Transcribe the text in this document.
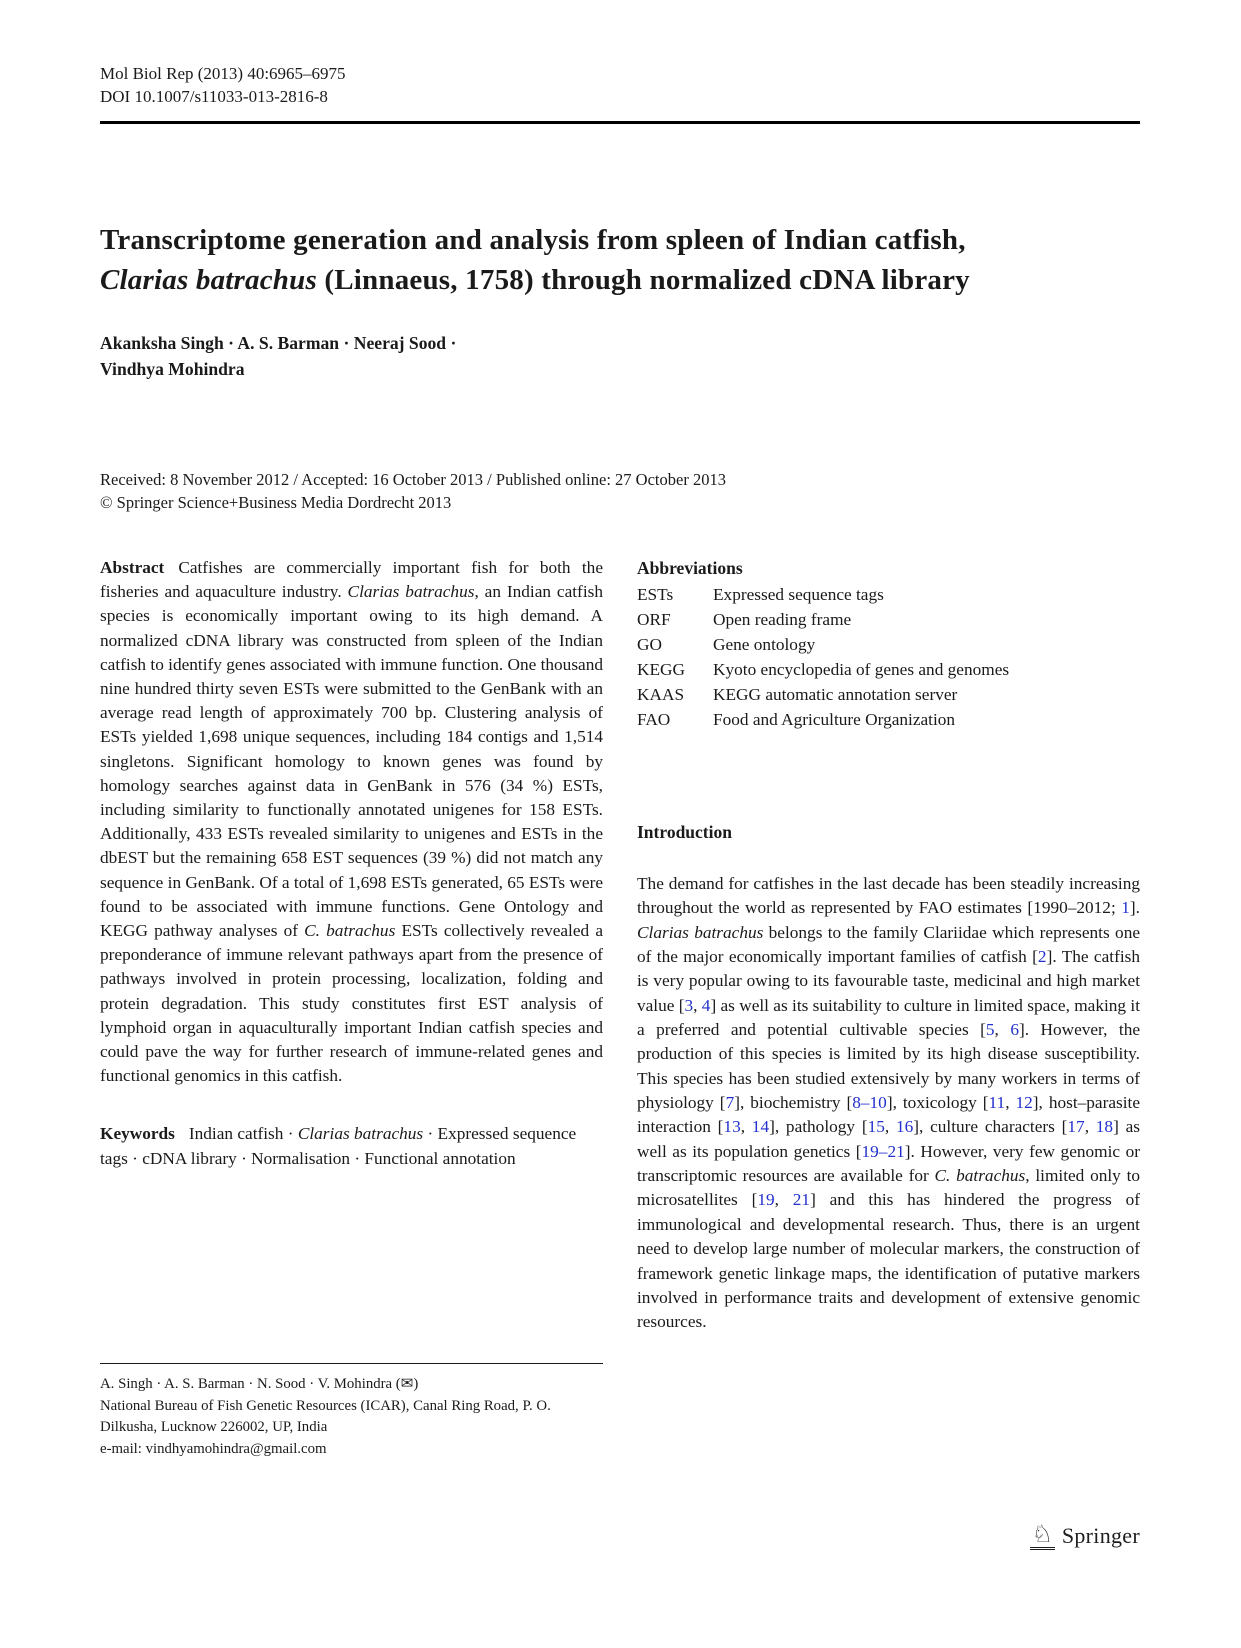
Mol Biol Rep (2013) 40:6965–6975
DOI 10.1007/s11033-013-2816-8
Transcriptome generation and analysis from spleen of Indian catfish, Clarias batrachus (Linnaeus, 1758) through normalized cDNA library
Akanksha Singh · A. S. Barman · Neeraj Sood ·
Vindhya Mohindra
Received: 8 November 2012 / Accepted: 16 October 2013 / Published online: 27 October 2013
© Springer Science+Business Media Dordrecht 2013

Abstract Catfishes are commercially important fish for both the fisheries and aquaculture industry. Clarias batrachus, an Indian catfish species is economically important owing to its high demand. A normalized cDNA library was constructed from spleen of the Indian catfish to identify genes associated with immune function. One thousand nine hundred thirty seven ESTs were submitted to the GenBank with an average read length of approximately 700 bp. Clustering analysis of ESTs yielded 1,698 unique sequences, including 184 contigs and 1,514 singletons. Significant homology to known genes was found by homology searches against data in GenBank in 576 (34 %) ESTs, including similarity to functionally annotated unigenes for 158 ESTs. Additionally, 433 ESTs revealed similarity to unigenes and ESTs in the dbEST but the remaining 658 EST sequences (39 %) did not match any sequence in GenBank. Of a total of 1,698 ESTs generated, 65 ESTs were found to be associated with immune functions. Gene Ontology and KEGG pathway analyses of C. batrachus ESTs collectively revealed a preponderance of immune relevant pathways apart from the presence of pathways involved in protein processing, localization, folding and protein degradation. This study constitutes first EST analysis of lymphoid organ in aquaculturally important Indian catfish species and could pave the way for further research of immune-related genes and functional genomics in this catfish.

Keywords Indian catfish · Clarias batrachus · Expressed sequence tags · cDNA library · Normalisation · Functional annotation

A. Singh · A. S. Barman · N. Sood · V. Mohindra (✉)
National Bureau of Fish Genetic Resources (ICAR), Canal Ring Road, P. O. Dilkusha, Lucknow 226002, UP, India
e-mail: vindhyamohindra@gmail.com
Abbreviations
ESTs	Expressed sequence tags
ORF	Open reading frame
GO	Gene ontology
KEGG	Kyoto encyclopedia of genes and genomes
KAAS	KEGG automatic annotation server
FAO	Food and Agriculture Organization
Introduction

The demand for catfishes in the last decade has been steadily increasing throughout the world as represented by FAO estimates [1990–2012; 1]. Clarias batrachus belongs to the family Clariidae which represents one of the major economically important families of catfish [2]. The catfish is very popular owing to its favourable taste, medicinal and high market value [3, 4] as well as its suitability to culture in limited space, making it a preferred and potential cultivable species [5, 6]. However, the production of this species is limited by its high disease susceptibility. This species has been studied extensively by many workers in terms of physiology [7], biochemistry [8–10], toxicology [11, 12], host–parasite interaction [13, 14], pathology [15, 16], culture characters [17, 18] as well as its population genetics [19–21]. However, very few genomic or transcriptomic resources are available for C. batrachus, limited only to microsatellites [19, 21] and this has hindered the progress of immunological and developmental research. Thus, there is an urgent need to develop large number of molecular markers, the construction of framework genetic linkage maps, the identification of putative markers involved in performance traits and development of extensive genomic resources.

♘ Springer
